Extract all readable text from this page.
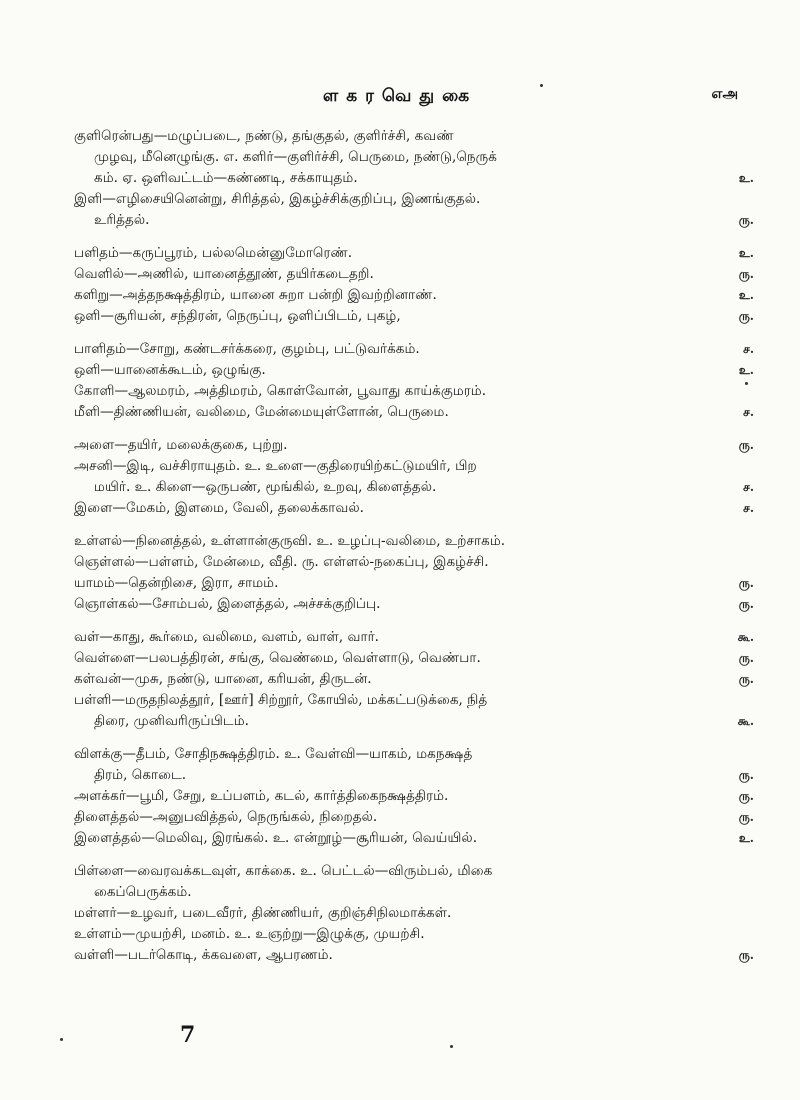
ளகரவெதுகை	எஅ
குளிரென்பது—மழுப்படை, நண்டு, தங்குதல், குளிர்ச்சி, கவண்
முழவு, மீனெழுங்கு. எ. களிர்—குளிர்ச்சி, பெருமை, நண்டு,நெருக்
கம். ஏ. ஒளிவட்டம்—கண்ணடி, சக்காயுதம்.	உ.
இளி—எழிசையினென்று, சிரித்தல், இகழ்ச்சிக்குறிப்பு, இணங்குதல்.
உரித்தல்.	ரு.
பளிதம்—கருப்பூரம், பல்லமென்னுமோரெண்.	உ.
வெளில்—அணில், யானைத்தூண், தயிர்கடைதறி.	ரு.
களிறு—அத்தநக்ஷத்திரம், யானை சுறா பன்றி இவற்றினாண்.	உ.
ஒளி—சூரியன், சந்திரன், நெருப்பு, ஒளிப்பிடம், புகழ்,	ரு.
பாளிதம்—சோறு, கண்டசர்க்கரை, குழம்பு, பட்டுவர்க்கம்.	ச.
ஒளி—யானைக்கூடம், ஒழுங்கு.	உ.
கோளி—ஆலமரம், அத்திமரம், கொள்வோன், பூவாது காய்க்குமரம்.
மீளி—திண்ணியன், வலிமை, மேன்மையுள்ளோன், பெருமை.	ச.
அளை—தயிர், மலைக்குகை, புற்று.	ரு.
அசனி—இடி, வச்சிராயுதம். உ. உளை—குதிரையிற்கட்டுமயிர், பிற
மயிர். உ. கிளை—ஒருபண், மூங்கில், உறவு, கிளைத்தல்.	ச.
இளை—மேகம், இளமை, வேலி, தலைக்காவல்.	ச.
உள்ளல்—நினைத்தல், உள்ளான்குருவி. உ. உழப்பு-வலிமை, உற்சாகம்.
ஞெள்ளல்—பள்ளம், மேன்மை, வீதி. ரு. எள்ளல்-நகைப்பு, இகழ்ச்சி.
யாமம்—தென்றிசை, இரா, சாமம்.	ரு.
ஞொள்கல்—சோம்பல், இளைத்தல், அச்சக்குறிப்பு.	ரு.
வள்—காது, கூர்மை, வலிமை, வளம், வாள், வார்.	கூ.
வெள்ளை—பலபத்திரன், சங்கு, வெண்மை, வெள்ளாடு, வெண்பா.	ரு.
கள்வன்—முசு, நண்டு, யானை, கரியன், திருடன்.	ரு.
பள்ளி—மருதநிலத்தூர், [ஊர்] சிற்றூர், கோயில், மக்கட்படுக்கை, நித்
திரை, முனிவரிருப்பிடம்.	கூ.
விளக்கு—தீபம், சோதிநக்ஷத்திரம். உ. வேள்வி—யாகம், மகநக்ஷத்
திரம், கொடை.	ரு.
அளக்கர்—பூமி, சேறு, உப்பளம், கடல், கார்த்திகைநக்ஷத்திரம்.	ரு.
திளைத்தல்—அனுபவித்தல், நெருங்கல், நிறைதல்.	ரு.
இளைத்தல்—மெலிவு, இரங்கல். உ. என்றூழ்—சூரியன், வெய்யில்.	உ.
பிள்ளை—வைரவக்கடவுள், காக்கை. உ. பெட்டல்—விரும்பல், மிகை
கைப்பெருக்கம்.
மள்ளர்—உழவர், படைவீரர், திண்ணியர், குறிஞ்சிநிலமாக்கள்.
உள்ளம்—முயற்சி, மனம். உ. உஞற்று—இழுக்கு, முயற்சி.
வள்ளி—படர்கொடி, க்கவளை, ஆபரணம்.	ரு.
7
